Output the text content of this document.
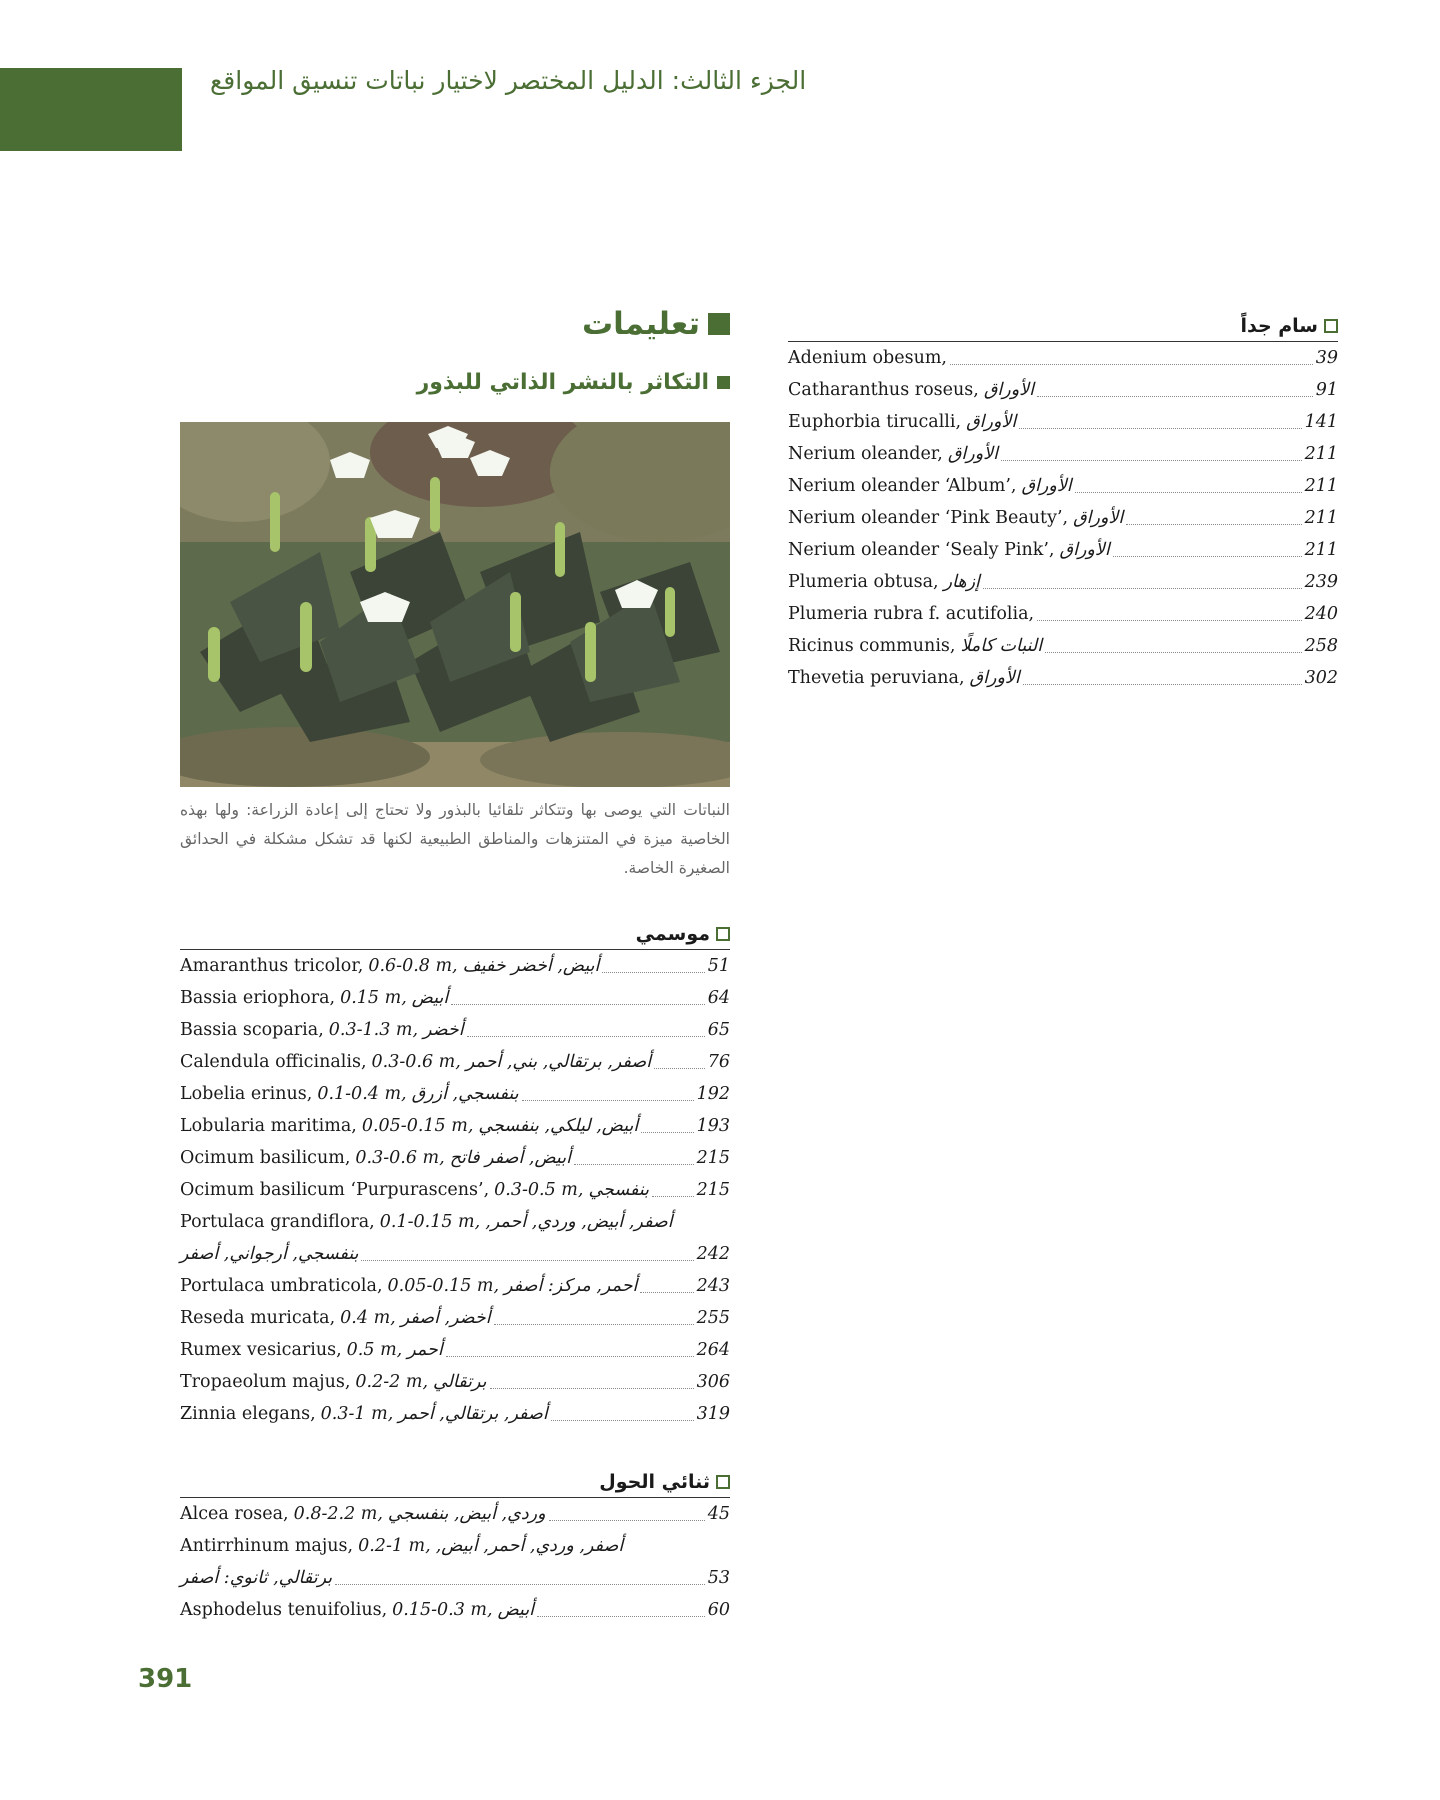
الجزء الثالث: الدليل المختصر لاختيار نباتات تنسيق المواقع
سام جداً
Adenium obesum,	39
Catharanthus roseus, الأوراق	91
Euphorbia tirucalli, الأوراق	141
Nerium oleander, الأوراق	211
Nerium oleander ‘Album’, الأوراق	211
Nerium oleander ‘Pink Beauty’, الأوراق	211
Nerium oleander ‘Sealy Pink’, الأوراق	211
Plumeria obtusa, إزهار	239
Plumeria rubra f. acutifolia,	240
Ricinus communis, النبات كاملًا	258
Thevetia peruviana, الأوراق	302
تعليمات
التكاثر بالنشر الذاتي للبذور
النباتات التي يوصى بها وتتكاثر تلقائيا بالبذور ولا تحتاج إلى إعادة الزراعة: ولها بهذه الخاصية ميزة في المتنزهات والمناطق الطبيعية لكنها قد تشكل مشكلة في الحدائق الصغيرة الخاصة.
موسمي
Amaranthus tricolor, 0.6-0.8 m, أبيض, أخضر خفيف	51
Bassia eriophora, 0.15 m, أبيض	64
Bassia scoparia, 0.3-1.3 m, أخضر	65
Calendula officinalis, 0.3-0.6 m, أصفر, برتقالي, بني, أحمر	76
Lobelia erinus, 0.1-0.4 m, بنفسجي, أزرق	192
Lobularia maritima, 0.05-0.15 m, أبيض, ليلكي, بنفسجي	193
Ocimum basilicum, 0.3-0.6 m, أبيض, أصفر فاتح	215
Ocimum basilicum ‘Purpurascens’, 0.3-0.5 m, بنفسجي	215
Portulaca grandiflora, 0.1-0.15 m, أصفر, أبيض, وردي, أحمر,
بنفسجي, أرجواني, أصفر	242
Portulaca umbraticola, 0.05-0.15 m, أحمر, مركز: أصفر	243
Reseda muricata, 0.4 m, أخضر, أصفر	255
Rumex vesicarius, 0.5 m, أحمر	264
Tropaeolum majus, 0.2-2 m, برتقالي	306
Zinnia elegans, 0.3-1 m, أصفر, برتقالي, أحمر	319
ثنائي الحول
Alcea rosea, 0.8-2.2 m, وردي, أبيض, بنفسجي	45
Antirrhinum majus, 0.2-1 m, أصفر, وردي, أحمر, أبيض,
برتقالي, ثانوي: أصفر	53
Asphodelus tenuifolius, 0.15-0.3 m, أبيض	60
391
